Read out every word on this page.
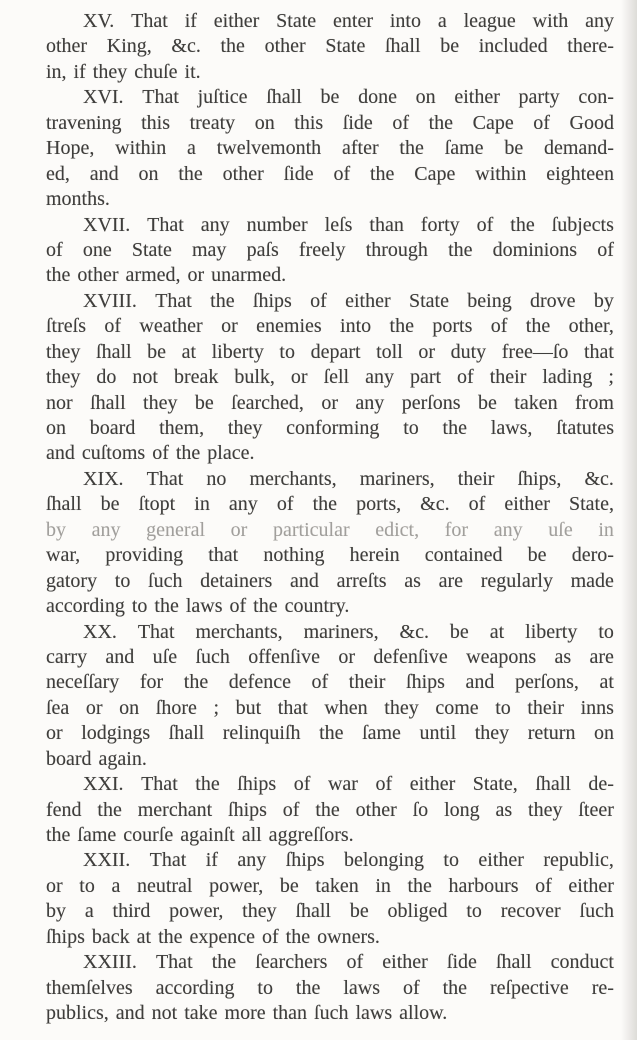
XV. That if either State enter into a league with any
other King, &c. the other State ſhall be included there-
in, if they chuſe it.
XVI. That juſtice ſhall be done on either party con-
travening this treaty on this ſide of the Cape of Good
Hope, within a twelvemonth after the ſame be demand-
ed, and on the other ſide of the Cape within eighteen
months.
XVII. That any number leſs than forty of the ſubjects
of one State may paſs freely through the dominions of
the other armed, or unarmed.
XVIII. That the ſhips of either State being drove by
ſtreſs of weather or enemies into the ports of the other,
they ſhall be at liberty to depart toll or duty free—ſo that
they do not break bulk, or ſell any part of their lading ;
nor ſhall they be ſearched, or any perſons be taken from
on board them, they conforming to the laws, ſtatutes
and cuſtoms of the place.
XIX. That no merchants, mariners, their ſhips, &c.
ſhall be ſtopt in any of the ports, &c. of either State,
by any general or particular edict, for any uſe in
war, providing that nothing herein contained be dero-
gatory to ſuch detainers and arreſts as are regularly made
according to the laws of the country.
XX. That merchants, mariners, &c. be at liberty to
carry and uſe ſuch offenſive or defenſive weapons as are
neceſſary for the defence of their ſhips and perſons, at
ſea or on ſhore ; but that when they come to their inns
or lodgings ſhall relinquiſh the ſame until they return on
board again.
XXI. That the ſhips of war of either State, ſhall de-
fend the merchant ſhips of the other ſo long as they ſteer
the ſame courſe againſt all aggreſſors.
XXII. That if any ſhips belonging to either republic,
or to a neutral power, be taken in the harbours of either
by a third power, they ſhall be obliged to recover ſuch
ſhips back at the expence of the owners.
XXIII. That the ſearchers of either ſide ſhall conduct
themſelves according to the laws of the reſpective re-
publics, and not take more than ſuch laws allow.
